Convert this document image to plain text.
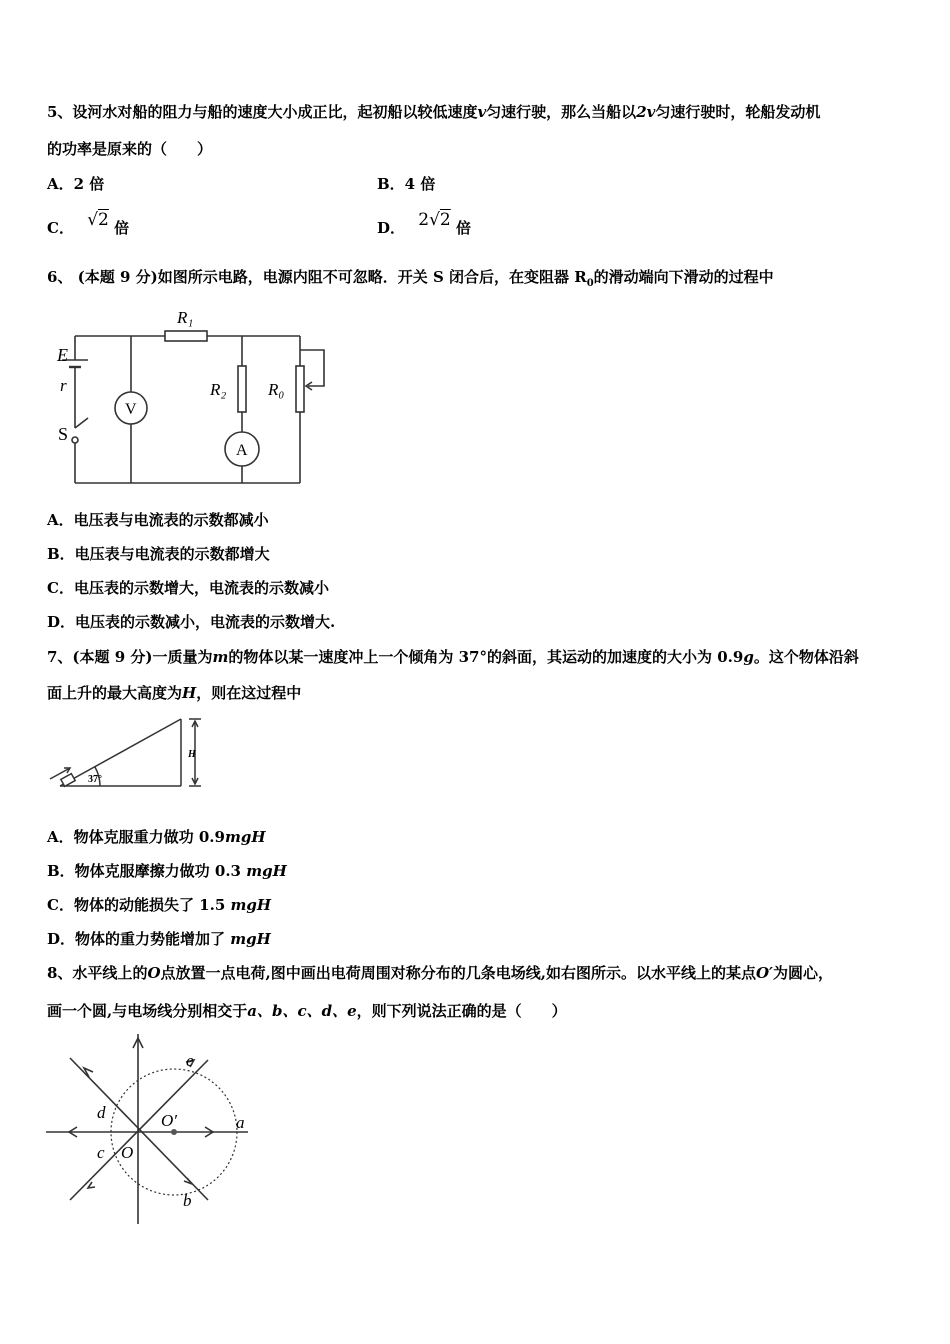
5、设河水对船的阻力与船的速度大小成正比，起初船以较低速度v匀速行驶，那么当船以2v匀速行驶时，轮船发动机
的功率是原来的（　　）
A．2 倍	B．4 倍
C． √2 倍	D． 2√2 倍
6、 (本题 9 分)如图所示电路，电源内阻不可忽略．开关 S 闭合后，在变阻器 $R_0$的滑动端向下滑动的过程中
R₁
E
r
S
V
R₂ R₀
A
A．电压表与电流表的示数都减小
B．电压表与电流表的示数都增大
C．电压表的示数增大，电流表的示数减小
D．电压表的示数减小，电流表的示数增大.
7、(本题 9 分)一质量为m的物体以某一速度冲上一个倾角为 37°的斜面，其运动的加速度的大小为 0.9g。这个物体沿斜
面上升的最大高度为H，则在这过程中
37°
H
A．物体克服重力做功 0.9mgH
B．物体克服摩擦力做功 0.3 mgH
C．物体的动能损失了 1.5 mgH
D．物体的重力势能增加了 mgH
8、水平线上的O点放置一点电荷,图中画出电荷周围对称分布的几条电场线,如右图所示。以水平线上的某点O′为圆心，
画一个圆,与电场线分别相交于a、b、c、d、e，则下列说法正确的是（　　）
a
b
c
d
e
O
O′
